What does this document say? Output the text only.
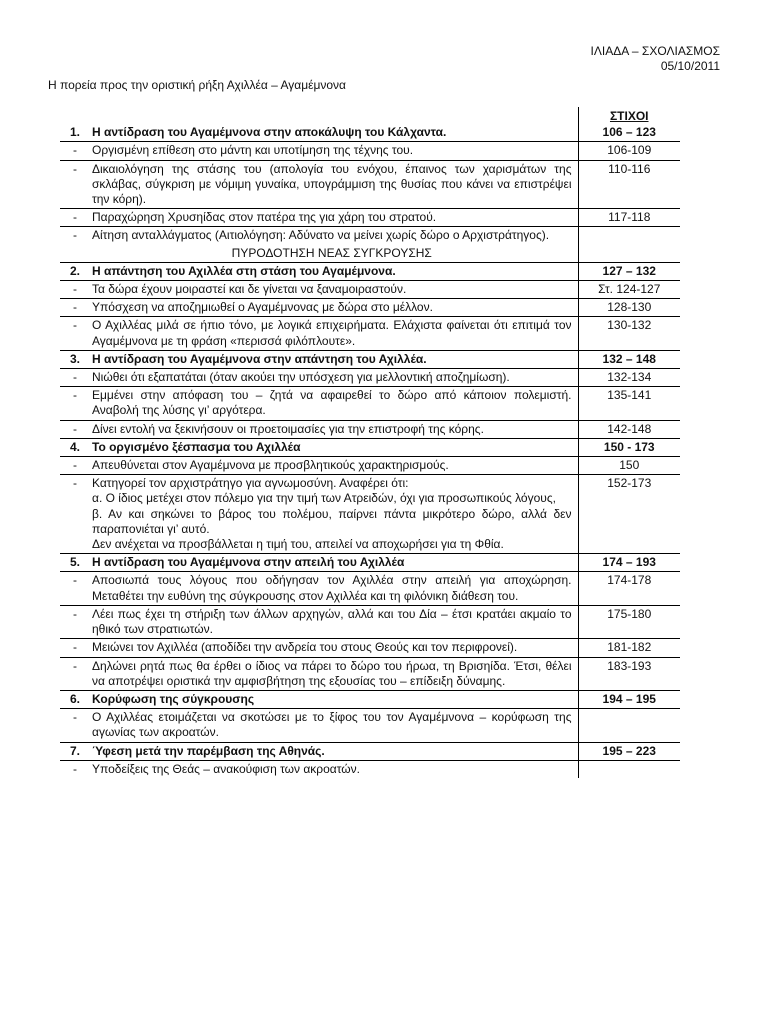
ΙΛΙΑΔΑ – ΣΧΟΛΙΑΣΜΟΣ
05/10/2011
Η πορεία προς την οριστική ρήξη Αχιλλέα – Αγαμέμνονα
		ΣΤΙΧΟΙ
1.	Η αντίδραση του Αγαμέμνονα στην αποκάλυψη του Κάλχαντα.	106 – 123
-	Οργισμένη επίθεση στο μάντη και υποτίμηση της τέχνης του.	106-109
-	Δικαιολόγηση της στάσης του (απολογία του ενόχου, έπαινος των χαρισμάτων της σκλάβας, σύγκριση με νόμιμη γυναίκα, υπογράμμιση της θυσίας που κάνει να επιστρέψει την κόρη).	110-116
-	Παραχώρηση Χρυσηίδας στον πατέρα της για χάρη του στρατού.	117-118
-	Αίτηση ανταλλάγματος (Αιτιολόγηση: Αδύνατο να μείνει χωρίς δώρο ο Αρχιστράτηγος).	
	ΠΥΡΟΔΟΤΗΣΗ ΝΕΑΣ ΣΥΓΚΡΟΥΣΗΣ	
2.	Η απάντηση του Αχιλλέα στη στάση του Αγαμέμνονα.	127 – 132
-	Τα δώρα έχουν μοιραστεί και δε γίνεται να ξαναμοιραστούν.	Στ. 124-127
-	Υπόσχεση να αποζημιωθεί ο Αγαμέμνονας με δώρα στο μέλλον.	128-130
-	Ο Αχιλλέας μιλά σε ήπιο τόνο, με λογικά επιχειρήματα. Ελάχιστα φαίνεται ότι επιτιμά τον Αγαμέμνονα με τη φράση «περισσά φιλόπλουτε».	130-132
3.	Η αντίδραση του Αγαμέμνονα στην απάντηση του Αχιλλέα.	132 – 148
-	Νιώθει ότι εξαπατάται (όταν ακούει την υπόσχεση για μελλοντική αποζημίωση).	132-134
-	Εμμένει στην απόφαση του – ζητά να αφαιρεθεί το δώρο από κάποιον πολεμιστή. Αναβολή της λύσης γι’ αργότερα.	135-141
-	Δίνει εντολή να ξεκινήσουν οι προετοιμασίες για την επιστροφή της κόρης.	142-148
4.	Το οργισμένο ξέσπασμα του Αχιλλέα	150 - 173
-	Απευθύνεται στον Αγαμέμνονα με προσβλητικούς χαρακτηρισμούς.	150
-	Κατηγορεί τον αρχιστράτηγο για αγνωμοσύνη. Αναφέρει ότι:
α. Ο ίδιος μετέχει στον πόλεμο για την τιμή των Ατρειδών, όχι για προσωπικούς λόγους,
β. Αν και σηκώνει το βάρος του πολέμου, παίρνει πάντα μικρότερο δώρο, αλλά δεν παραπονιέται γι’ αυτό.
Δεν ανέχεται να προσβάλλεται η τιμή του, απειλεί να αποχωρήσει για τη Φθία.	152-173
5.	Η αντίδραση του Αγαμέμνονα στην απειλή του Αχιλλέα	174 – 193
-	Αποσιωπά τους λόγους που οδήγησαν τον Αχιλλέα στην απειλή για αποχώρηση. Μεταθέτει την ευθύνη της σύγκρουσης στον Αχιλλέα και τη φιλόνικη διάθεση του.	174-178
-	Λέει πως έχει τη στήριξη των άλλων αρχηγών, αλλά και του Δία – έτσι κρατάει ακμαίο το ηθικό των στρατιωτών.	175-180
-	Μειώνει τον Αχιλλέα (αποδίδει την ανδρεία του στους Θεούς και τον περιφρονεί).	181-182
-	Δηλώνει ρητά πως θα έρθει ο ίδιος να πάρει το δώρο του ήρωα, τη Βρισηίδα. Έτσι, θέλει να αποτρέψει οριστικά την αμφισβήτηση της εξουσίας του – επίδειξη δύναμης.	183-193
6.	Κορύφωση της σύγκρουσης	194 – 195
-	Ο Αχιλλέας ετοιμάζεται να σκοτώσει με το ξίφος του τον Αγαμέμνονα – κορύφωση της αγωνίας των ακροατών.	
7.	Ύφεση μετά την παρέμβαση της Αθηνάς.	195 – 223
-	Υποδείξεις της Θεάς – ανακούφιση των ακροατών.	
